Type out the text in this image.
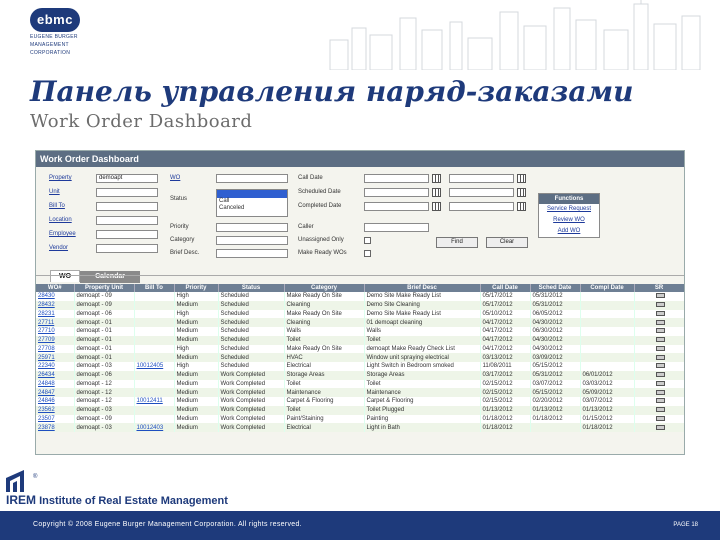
ebmc
EUGENE BURGER
MANAGEMENT
CORPORATION
Панель управления наряд-заказами
Work Order Dashboard
Work Order Dashboard
Property	demoapt
Unit
Bill To
Location
Employee
Vendor
WO
Status	Call
Canceled
Priority
Category
Brief Desc.
Call Date
Scheduled Date
Completed Date
Caller
Unassigned Only
Make Ready WOs
Find	Clear
Functions
Service Request
Review WO
Add WO
WO	Calendar
WO#	Property Unit	Bill To	Priority	Status	Category	Brief Desc	Call Date	Sched Date	Compl Date	SR
28430	demoapt - 09		High	Scheduled	Make Ready On Site	Demo Site Make Ready List	05/17/2012	05/31/2012		
28432	demoapt - 09		Medium	Scheduled	Cleaning	Demo Site Cleaning	05/17/2012	05/31/2012		
28231	demoapt - 06		High	Scheduled	Make Ready On Site	Demo Site Make Ready List	05/10/2012	06/05/2012		
27711	demoapt - 01		Medium	Scheduled	Cleaning	01 demoapt cleaning	04/17/2012	04/30/2012		
27710	demoapt - 01		Medium	Scheduled	Walls	Walls	04/17/2012	06/30/2012		
27709	demoapt - 01		Medium	Scheduled	Toilet	Toilet	04/17/2012	04/30/2012		
27708	demoapt - 01		High	Scheduled	Make Ready On Site	demoapt Make Ready Check List	04/17/2012	04/30/2012		
25971	demoapt - 01		Medium	Scheduled	HVAC	Window unit spraying electrical	03/13/2012	03/09/2012		
22340	demoapt - 03	10012405	High	Scheduled	Electrical	Light Switch in Bedroom smoked	11/08/2011	05/15/2012		
26434	demoapt - 06		Medium	Work Completed	Storage Areas	Storage Areas	03/17/2012	05/31/2012	06/01/2012	
24848	demoapt - 12		Medium	Work Completed	Toilet	Toilet	02/15/2012	03/07/2012	03/03/2012	
24847	demoapt - 12		Medium	Work Completed	Maintenance	Maintenance	02/15/2012	05/15/2012	05/09/2012	
24846	demoapt - 12	10012411	Medium	Work Completed	Carpet & Flooring	Carpet & Flooring	02/15/2012	02/20/2012	03/07/2012	
23562	demoapt - 03		Medium	Work Completed	Toilet	Toilet Plugged	01/13/2012	01/13/2012	01/13/2012	
23507	demoapt - 09		Medium	Work Completed	Paint/Staining	Painting	01/18/2012	01/18/2012	01/15/2012	
23878	demoapt - 03	10012403	Medium	Work Completed	Electrical	Light in Bath	01/18/2012		01/18/2012	
®
IREM Institute of Real Estate Management
Copyright © 2008 Eugene Burger Management Corporation. All rights reserved.	PAGE 18
